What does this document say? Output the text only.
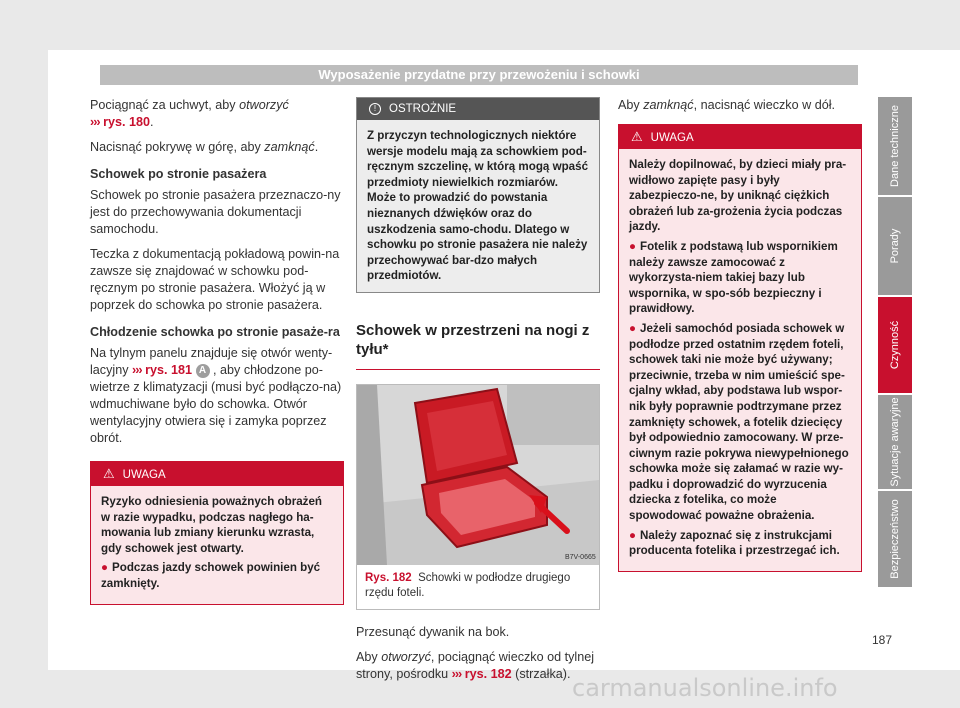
Wyposażenie przydatne przy przewożeniu i schowki

Pociągnąć za uchwyt, aby otworzyć
››› rys. 180.

Nacisnąć pokrywę w górę, aby zamknąć.

Schowek po stronie pasażera

Schowek po stronie pasażera przeznaczo-ny jest do przechowywania dokumentacji samochodu.

Teczka z dokumentacją pokładową powin-na zawsze się znajdować w schowku pod-ręcznym po stronie pasażera. Włożyć ją w poprzek do schowka po stronie pasażera.

Chłodzenie schowka po stronie pasaże-ra

Na tylnym panelu znajduje się otwór wenty-lacyjny ››› rys. 181 A , aby chłodzone po-wietrze z klimatyzacji (musi być podłączo-na) wdmuchiwane było do schowka. Otwór wentylacyjny otwiera się i zamyka poprzez obrót.

⚠ UWAGA

Ryzyko odniesienia poważnych obrażeń w razie wypadku, podczas nagłego ha-mowania lub zmiany kierunku wzrasta, gdy schowek jest otwarty.

● Podczas jazdy schowek powinien być zamknięty.

! OSTROŻNIE
Z przyczyn technologicznych niektóre wersje modelu mają za schowkiem pod-ręcznym szczelinę, w którą mogą wpaść przedmioty niewielkich rozmiarów. Może to prowadzić do powstania nieznanych dźwięków oraz do uszkodzenia samo-chodu. Dlatego w schowku po stronie pasażera nie należy przechowywać bar-dzo małych przedmiotów.
Schowek w przestrzeni na nogi z tyłu*
B7V-0665
Rys. 182 Schowki w podłodze drugiego rzędu foteli.

Przesunąć dywanik na bok.

Aby otworzyć, pociągnąć wieczko od tylnej strony, pośrodku ››› rys. 182 (strzałka).

Aby zamknąć, nacisnąć wieczko w dół.

⚠ UWAGA

Należy dopilnować, by dzieci miały pra-widłowo zapięte pasy i były zabezpieczo-ne, by uniknąć ciężkich obrażeń lub za-grożenia życia podczas jazdy.

● Fotelik z podstawą lub wspornikiem należy zawsze zamocować z wykorzysta-niem takiej bazy lub wspornika, w spo-sób bezpieczny i prawidłowy.

● Jeżeli samochód posiada schowek w podłodze przed ostatnim rzędem foteli, schowek taki nie może być używany; przeciwnie, trzeba w nim umieścić spe-cjalny wkład, aby podstawa lub wspor-nik były poprawnie podtrzymane przez zamknięty schowek, a fotelik dziecięcy był odpowiednio zamocowany. W prze-ciwnym razie pokrywa niewypełnionego schowka może się załamać w razie wy-padku i doprowadzić do wyrzucenia dziecka z fotelika, co może spowodować poważne obrażenia.

● Należy zapoznać się z instrukcjami producenta fotelika i przestrzegać ich.

Dane techniczne
Porady
Czynność
Sytuacje awaryjne
Bezpieczeństwo
187
carmanualsonline.info
